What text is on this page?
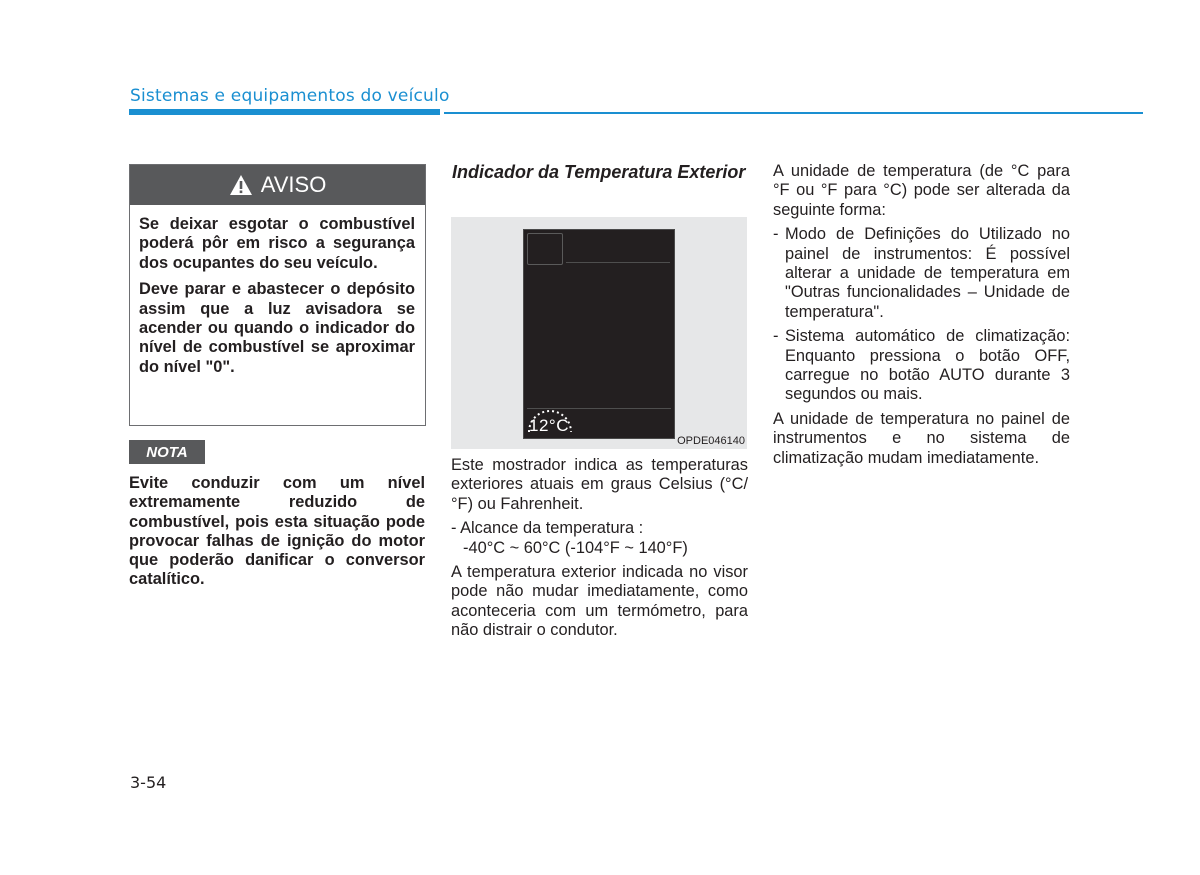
Sistemas e equipamentos do veículo
AVISO

Se deixar esgotar o combustível poderá pôr em risco a segurança dos ocupantes do seu veículo.

Deve parar e abastecer o depósito assim que a luz avisadora se acender ou quando o indicador do nível de combustível se aproximar do nível "0".

NOTA

Evite conduzir com um nível extremamente reduzido de combustível, pois esta situação pode provocar falhas de ignição do motor que poderão danificar o conversor catalítico.

Indicador da Temperatura Exterior
12°C
OPDE046140

Este mostrador indica as temperaturas exteriores atuais em graus Celsius (°C/°F) ou Fahrenheit.

- Alcance da temperatura :
-40°C ~ 60°C (-104°F ~ 140°F)

A temperatura exterior indicada no visor pode não mudar imediatamente, como aconteceria com um termómetro, para não distrair o condutor.

A unidade de temperatura (de °C para °F ou °F para °C) pode ser alterada da seguinte forma:

- Modo de Definições do Utilizado no painel de instrumentos: É possível alterar a unidade de temperatura em "Outras funcionalidades – Unidade de temperatura".
- Sistema automático de climatização: Enquanto pressiona o botão OFF, carregue no botão AUTO durante 3 segundos ou mais.

A unidade de temperatura no painel de instrumentos e no sistema de climatização mudam imediatamente.

3-54
